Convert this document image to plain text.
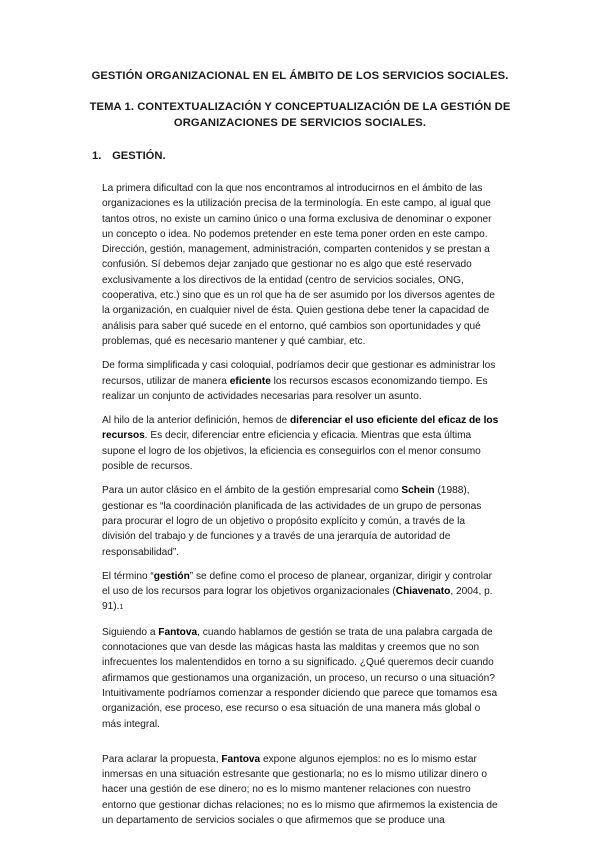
GESTIÓN ORGANIZACIONAL EN EL ÁMBITO DE LOS SERVICIOS SOCIALES.
TEMA 1. CONTEXTUALIZACIÓN Y CONCEPTUALIZACIÓN DE LA GESTIÓN DE
ORGANIZACIONES DE SERVICIOS SOCIALES.
1. GESTIÓN.

La primera dificultad con la que nos encontramos al introducirnos en el ámbito de las organizaciones es la utilización precisa de la terminología. En este campo, al igual que tantos otros, no existe un camino único o una forma exclusiva de denominar o exponer un concepto o idea. No podemos pretender en este tema poner orden en este campo. Dirección, gestión, management, administración, comparten contenidos y se prestan a confusión. Sí debemos dejar zanjado que gestionar no es algo que esté reservado exclusivamente a los directivos de la entidad (centro de servicios sociales, ONG, cooperativa, etc.) sino que es un rol que ha de ser asumido por los diversos agentes de la organización, en cualquier nivel de ésta. Quien gestiona debe tener la capacidad de análisis para saber qué sucede en el entorno, qué cambios son oportunidades y qué problemas, qué es necesario mantener y qué cambiar, etc.

De forma simplificada y casi coloquial, podríamos decir que gestionar es administrar los recursos, utilizar de manera eficiente los recursos escasos economizando tiempo. Es realizar un conjunto de actividades necesarias para resolver un asunto.

Al hilo de la anterior definición, hemos de diferenciar el uso eficiente del eficaz de los recursos. Es decir, diferenciar entre eficiencia y eficacia. Mientras que esta última supone el logro de los objetivos, la eficiencia es conseguirlos con el menor consumo posible de recursos.

Para un autor clásico en el ámbito de la gestión empresarial como Schein (1988), gestionar es “la coordinación planificada de las actividades de un grupo de personas para procurar el logro de un objetivo o propósito explícito y común, a través de la división del trabajo y de funciones y a través de una jerarquía de autoridad de responsabilidad”.

El término “gestión” se define como el proceso de planear, organizar, dirigir y controlar el uso de los recursos para lograr los objetivos organizacionales (Chiavenato, 2004, p. 91).1

Siguiendo a Fantova, cuando hablamos de gestión se trata de una palabra cargada de connotaciones que van desde las mágicas hasta las malditas y creemos que no son infrecuentes los malentendidos en torno a su significado. ¿Qué queremos decir cuando afirmamos que gestionamos una organización, un proceso, un recurso o una situación? Intuitivamente podríamos comenzar a responder diciendo que parece que tomamos esa organización, ese proceso, ese recurso o esa situación de una manera más global o más integral.

Para aclarar la propuesta, Fantova expone algunos ejemplos: no es lo mismo estar inmersas en una situación estresante que gestionarla; no es lo mismo utilizar dinero o hacer una gestión de ese dinero; no es lo mismo mantener relaciones con nuestro entorno que gestionar dichas relaciones; no es lo mismo que afirmemos la existencia de un departamento de servicios sociales o que afirmemos que se produce una
